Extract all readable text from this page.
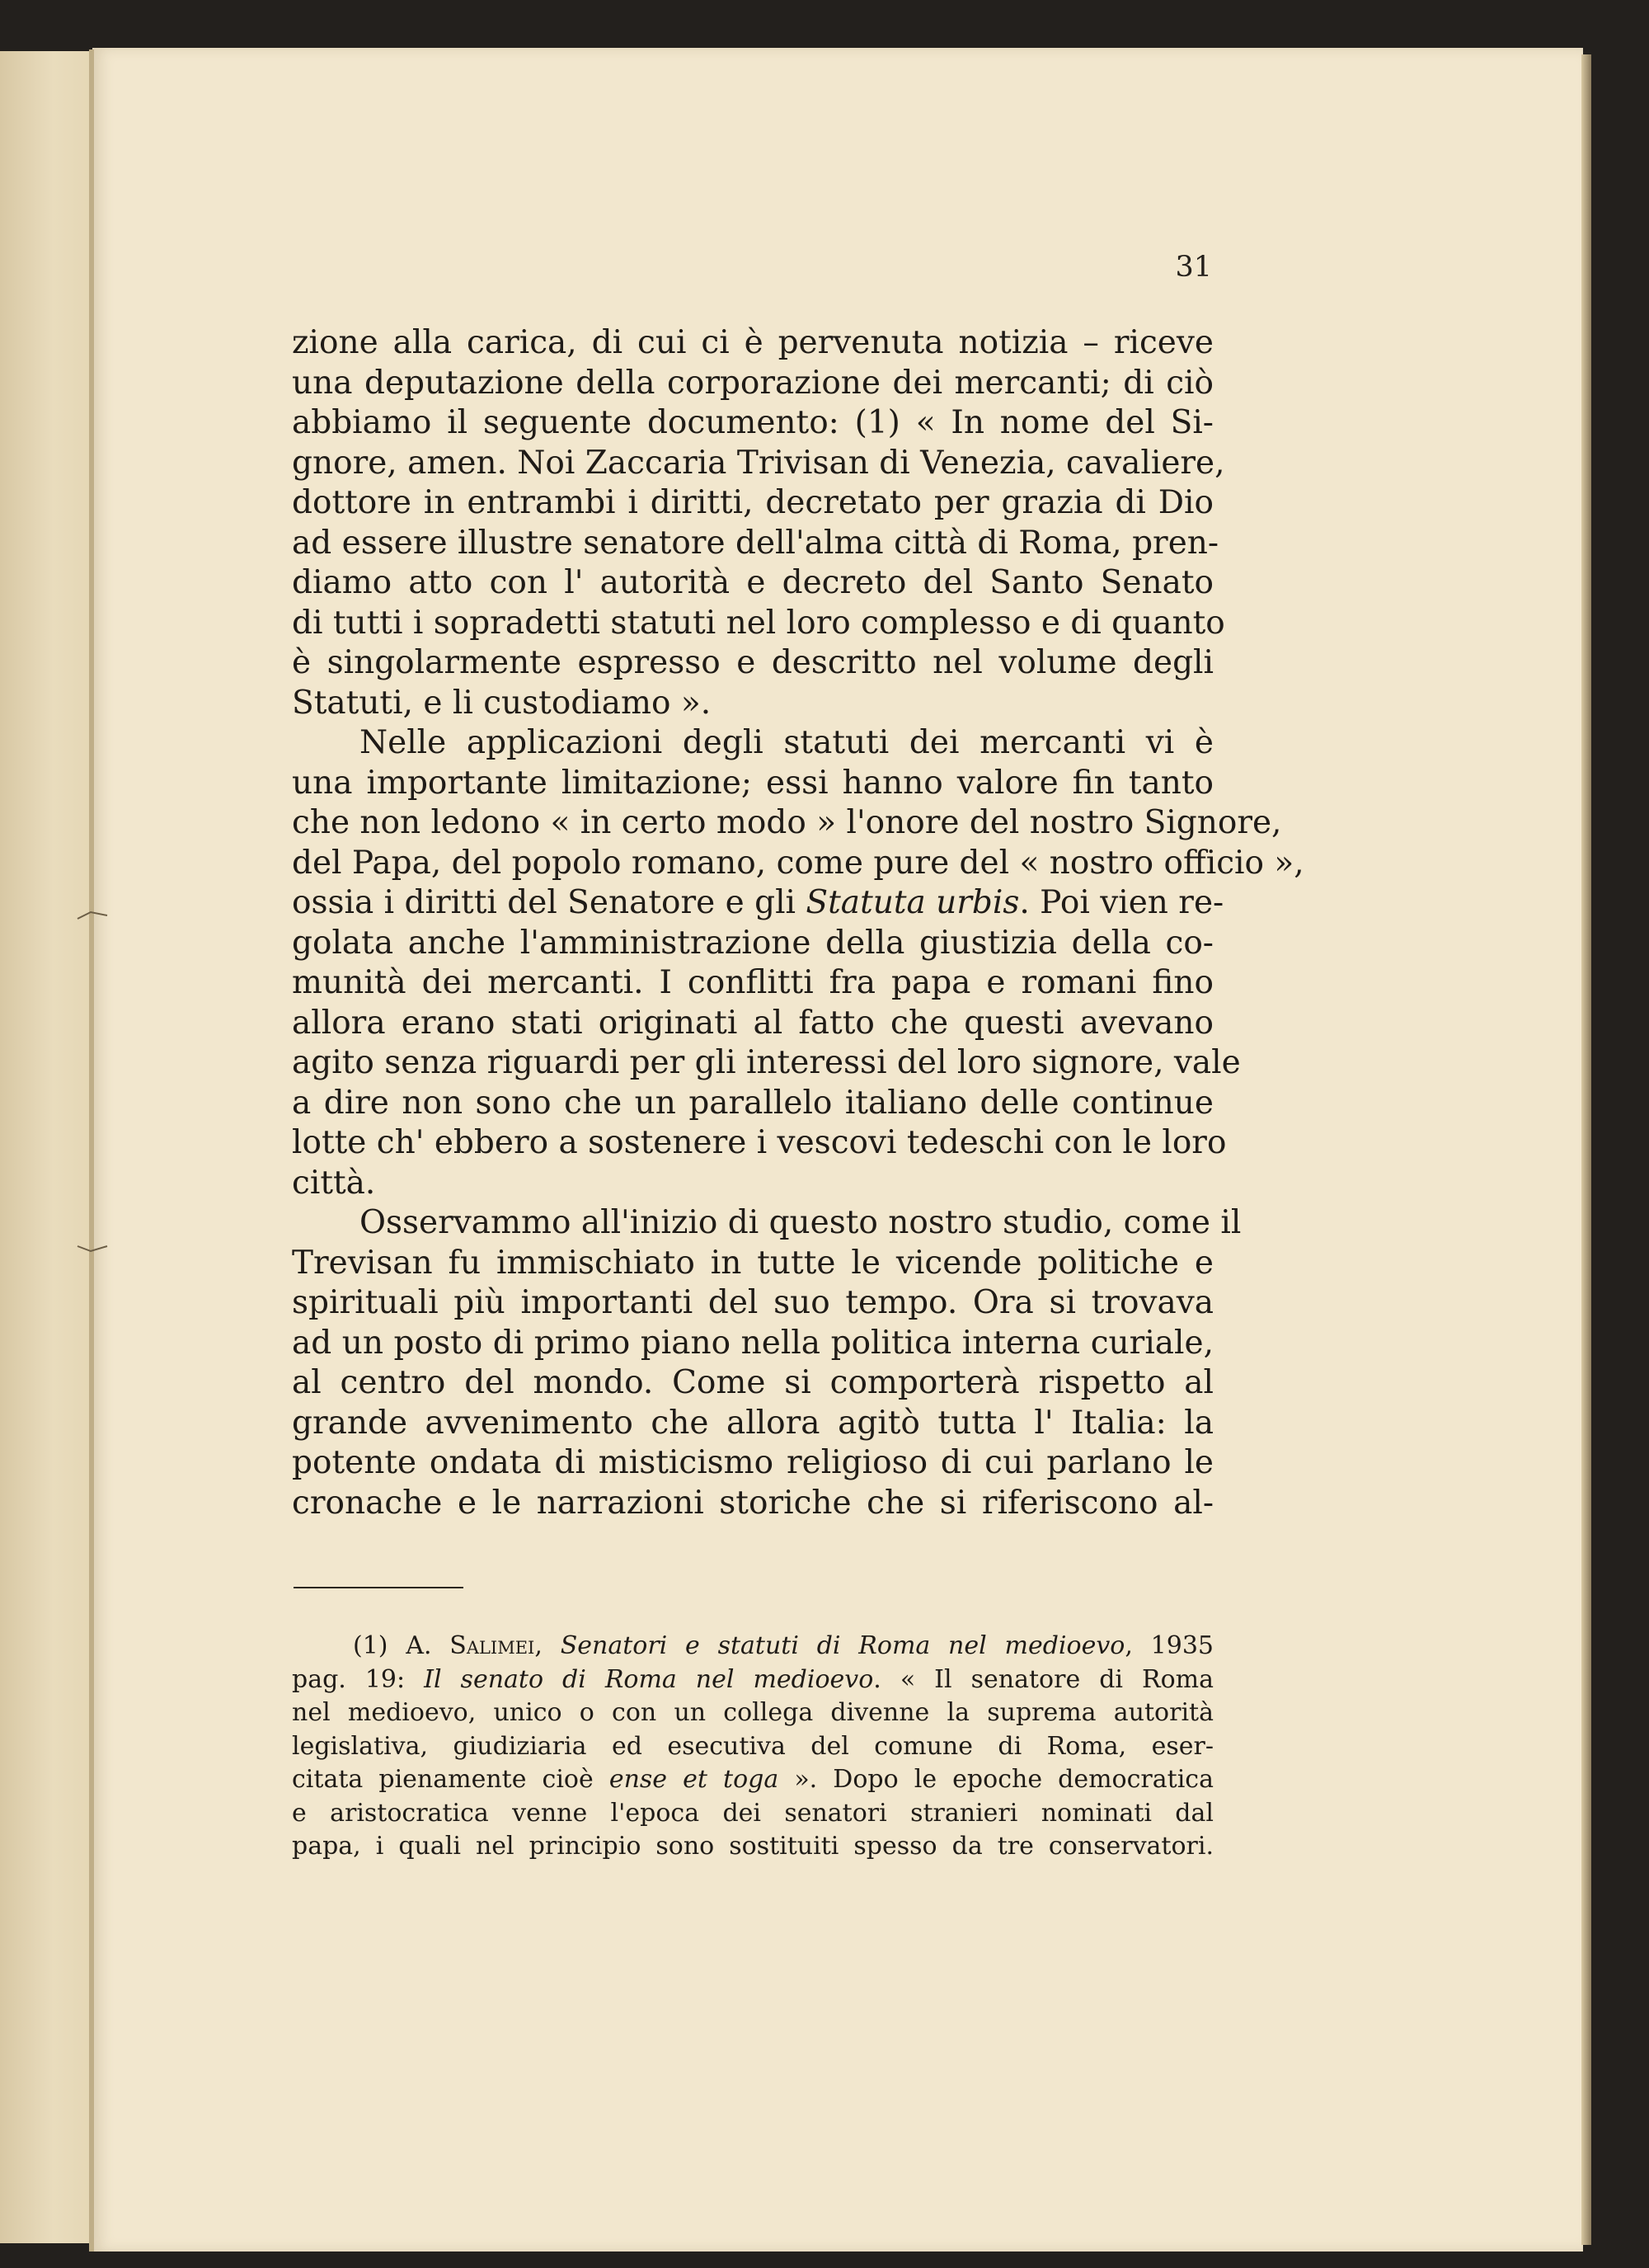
31
zione alla carica, di cui ci è pervenuta notizia – riceve
una deputazione della corporazione dei mercanti; di ciò
abbiamo il seguente documento: (1) « In nome del Si-
gnore, amen. Noi Zaccaria Trivisan di Venezia, cavaliere,
dottore in entrambi i diritti, decretato per grazia di Dio
ad essere illustre senatore dell'alma città di Roma, pren-
diamo atto con l' autorità e decreto del Santo Senato
di tutti i sopradetti statuti nel loro complesso e di quanto
è singolarmente espresso e descritto nel volume degli
Statuti, e li custodiamo ».
Nelle applicazioni degli statuti dei mercanti vi è
una importante limitazione; essi hanno valore fin tanto
che non ledono « in certo modo » l'onore del nostro Signore,
del Papa, del popolo romano, come pure del « nostro officio »,
ossia i diritti del Senatore e gli Statuta urbis. Poi vien re-
golata anche l'amministrazione della giustizia della co-
munità dei mercanti. I conflitti fra papa e romani fino
allora erano stati originati al fatto che questi avevano
agito senza riguardi per gli interessi del loro signore, vale
a dire non sono che un parallelo italiano delle continue
lotte ch' ebbero a sostenere i vescovi tedeschi con le loro
città.
Osservammo all'inizio di questo nostro studio, come il
Trevisan fu immischiato in tutte le vicende politiche e
spirituali più importanti del suo tempo. Ora si trovava
ad un posto di primo piano nella politica interna curiale,
al centro del mondo. Come si comporterà rispetto al
grande avvenimento che allora agitò tutta l' Italia: la
potente ondata di misticismo religioso di cui parlano le
cronache e le narrazioni storiche che si riferiscono al-
(1) A. Salimei, Senatori e statuti di Roma nel medioevo, 1935
pag. 19: Il senato di Roma nel medioevo. « Il senatore di Roma
nel medioevo, unico o con un collega divenne la suprema autorità
legislativa, giudiziaria ed esecutiva del comune di Roma, eser-
citata pienamente cioè ense et toga ». Dopo le epoche democratica
e aristocratica venne l'epoca dei senatori stranieri nominati dal
papa, i quali nel principio sono sostituiti spesso da tre conservatori.
